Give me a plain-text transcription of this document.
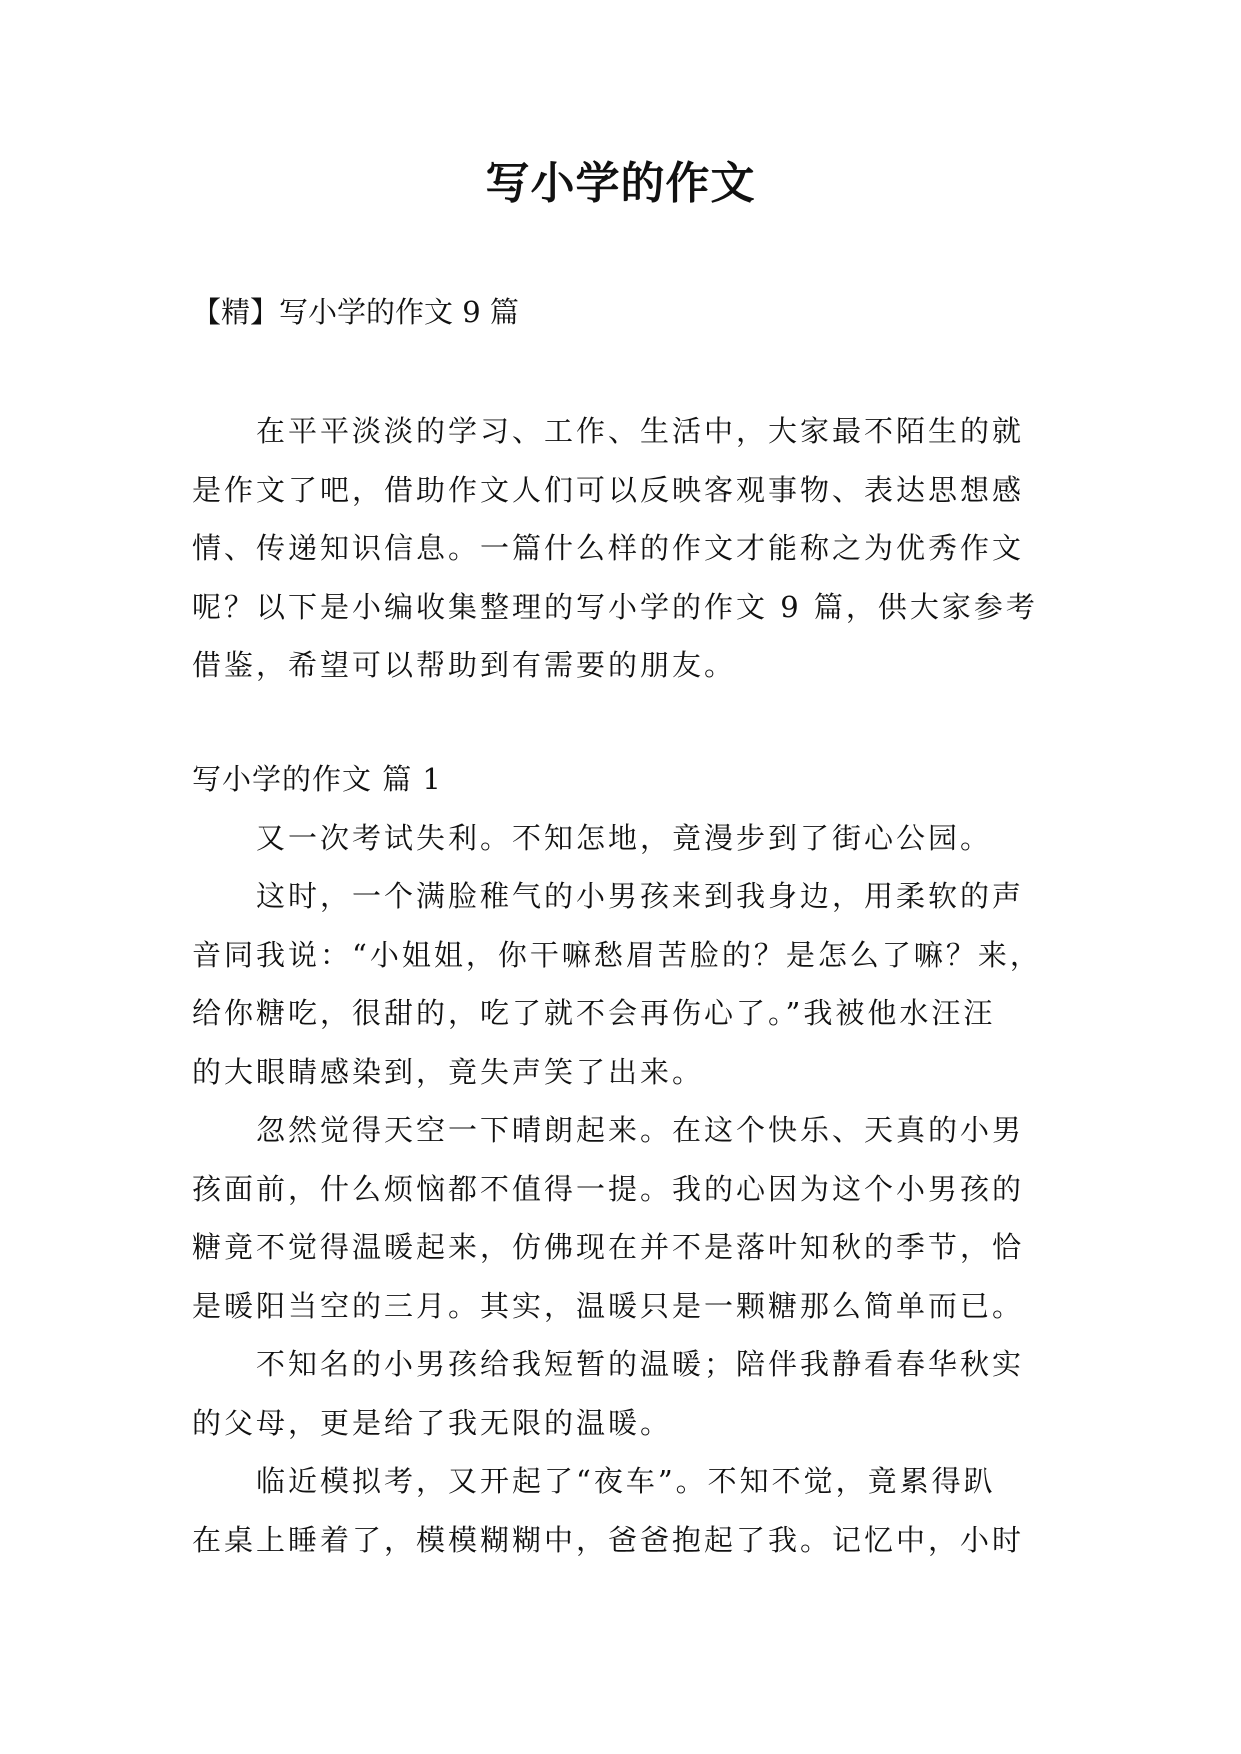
写小学的作文

【精】写小学的作文 9 篇

在平平淡淡的学习、工作、生活中，大家最不陌生的就
是作文了吧，借助作文人们可以反映客观事物、表达思想感
情、传递知识信息。一篇什么样的作文才能称之为优秀作文
呢？以下是小编收集整理的写小学的作文 9 篇，供大家参考
借鉴，希望可以帮助到有需要的朋友。
写小学的作文 篇 1
又一次考试失利。不知怎地，竟漫步到了街心公园。
这时，一个满脸稚气的小男孩来到我身边，用柔软的声
音同我说：“小姐姐，你干嘛愁眉苦脸的？是怎么了嘛？来，
给你糖吃，很甜的，吃了就不会再伤心了。”我被他水汪汪
的大眼睛感染到，竟失声笑了出来。
忽然觉得天空一下晴朗起来。在这个快乐、天真的小男
孩面前，什么烦恼都不值得一提。我的心因为这个小男孩的
糖竟不觉得温暖起来，仿佛现在并不是落叶知秋的季节，恰
是暖阳当空的三月。其实，温暖只是一颗糖那么简单而已。
不知名的小男孩给我短暂的温暖；陪伴我静看春华秋实
的父母，更是给了我无限的温暖。
临近模拟考，又开起了“夜车”。不知不觉，竟累得趴
在桌上睡着了，模模糊糊中，爸爸抱起了我。记忆中，小时
